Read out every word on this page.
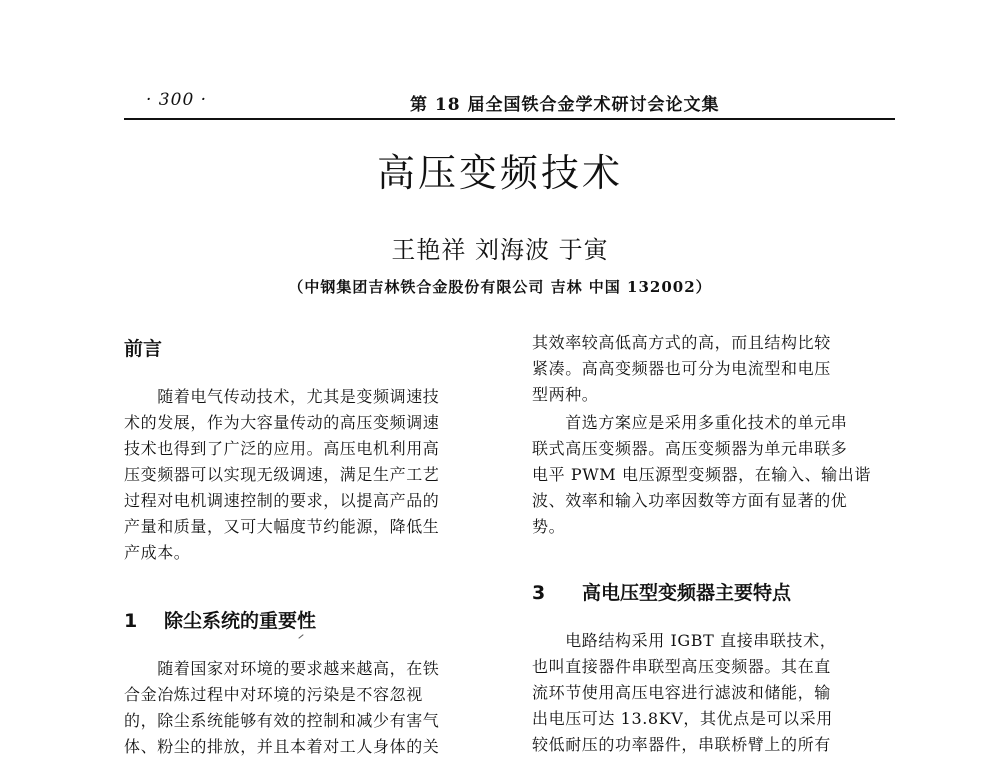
· 300 ·	第 18 届全国铁合金学术研讨会论文集
高压变频技术
王艳祥 刘海波 于寅
（中钢集团吉林铁合金股份有限公司 吉林 中国 132002）
前言
　　随着电气传动技术，尤其是变频调速技
术的发展，作为大容量传动的高压变频调速
技术也得到了广泛的应用。高压电机利用高
压变频器可以实现无级调速，满足生产工艺
过程对电机调速控制的要求，以提高产品的
产量和质量，又可大幅度节约能源，降低生
产成本。
1 除尘系统的重要性
　　随着国家对环境的要求越来越高，在铁
合金冶炼过程中对环境的污染是不容忽视
的，除尘系统能够有效的控制和减少有害气
体、粉尘的排放，并且本着对工人身体的关
其效率较高低高方式的高，而且结构比较
紧凑。高高变频器也可分为电流型和电压
型两种。
　　首选方案应是采用多重化技术的单元串
联式高压变频器。高压变频器为单元串联多
电平 PWM 电压源型变频器，在输入、输出谐
波、效率和输入功率因数等方面有显著的优
势。
3 高电压型变频器主要特点
　　电路结构采用 IGBT 直接串联技术，
也叫直接器件串联型高压变频器。其在直
流环节使用高压电容进行滤波和储能，输
出电压可达 13.8KV，其优点是可以采用
较低耐压的功率器件，串联桥臂上的所有
